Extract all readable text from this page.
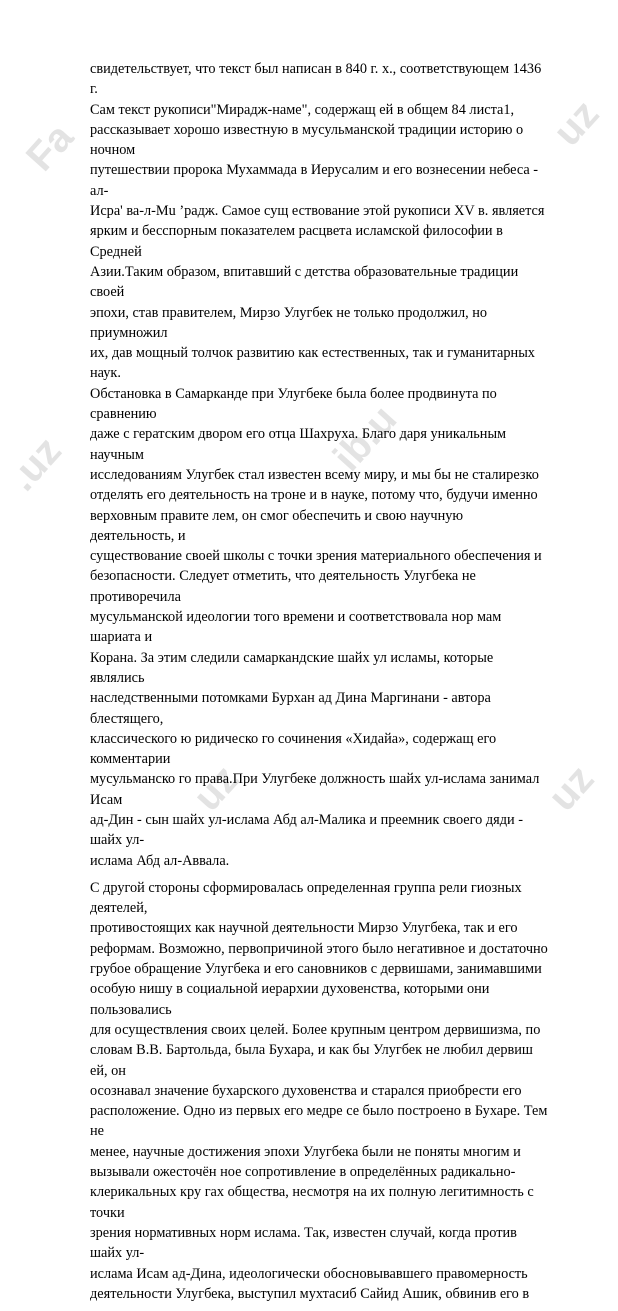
Fa	uz
.uz	ib.u
uz	uz

свидетельствует, что текст был написан в 840 г. х., соответствующем 1436 г.
Сам текст рукописи"Мирадж-наме", содержащ ей в общем 84 листа1,
рассказывает хорошо известную в мусульманской традиции историю о ночном
путешествии пророка Мухаммада в Иерусалим и его вознесении небеса - ал-
Исра' ва-л-Mu ’радж. Самое сущ ествование этой рукописи XV в. является
ярким и бесспорным показателем расцвета исламской философии в Средней
Азии.Таким образом, впитавший с детства образовательные традиции своей
эпохи, став правителем, Мирзо Улугбек не только продолжил, но приумножил
их, дав мощный толчок развитию как естественных, так и гуманитарных наук.
Обстановка в Самарканде при Улугбеке была более продвинута по сравнению
даже с гератским двором его отца Шахруха. Благо даря уникальным научным
исследованиям Улугбек стал известен всему миру, и мы бы не сталирезко
отделять его деятельность на троне и в науке, потому что, будучи именно
верховным правите лем, он смог обеспечить и свою научную деятельность, и
существование своей школы с точки зрения материального обеспечения и
безопасности. Следует отметить, что деятельность Улугбека не противоречила
мусульманской идеологии того времени и соответствовала нор мам шариата и
Корана. За этим следили самаркандские шайх ул исламы, которые являлись
наследственными потомками Бурхан ад Дина Маргинани - автора блестящего,
классического ю ридическо го сочинения «Хидайа», содержащ его комментарии
мусульманско го права.При Улугбеке должность шайх ул-ислама занимал Исам
ад-Дин - сын шайх ул-ислама Абд ал-Малика и преемник своего дяди - шайх ул-
ислама Абд ал-Аввала.

С другой стороны сформировалась определенная группа рели гиозных деятелей,
противостоящих как научной деятельности Мирзо Улугбека, так и его
реформам. Возможно, первопричиной этого было негативное и достаточно
грубое обращение Улугбека и его сановников с дервишами, занимавшими
особую нишу в социальной иерархии духовенства, которыми они пользовались
для осуществления своих целей. Более крупным центром дервишизма, по
словам В.В. Бартольда, была Бухара, и как бы Улугбек не любил дервиш ей, он
осознавал значение бухарского духовенства и старался приобрести его
расположение. Одно из первых его медре се было построено в Бухаре. Тем не
менее, научные достижения эпохи Улугбека были не поняты многим и
вызывали ожесточён ное сопротивление в определённых радикально-
клерикальных кру гах общества, несмотря на их полную легитимность с точки
зрения нормативных норм ислама. Так, известен случай, когда против шайх ул-
ислама Исам ад-Дина, идеологически обосновывавшего правомерность
деятельности Улугбека, выступил мухтасиб Сайид Ашик, обвинив его в
